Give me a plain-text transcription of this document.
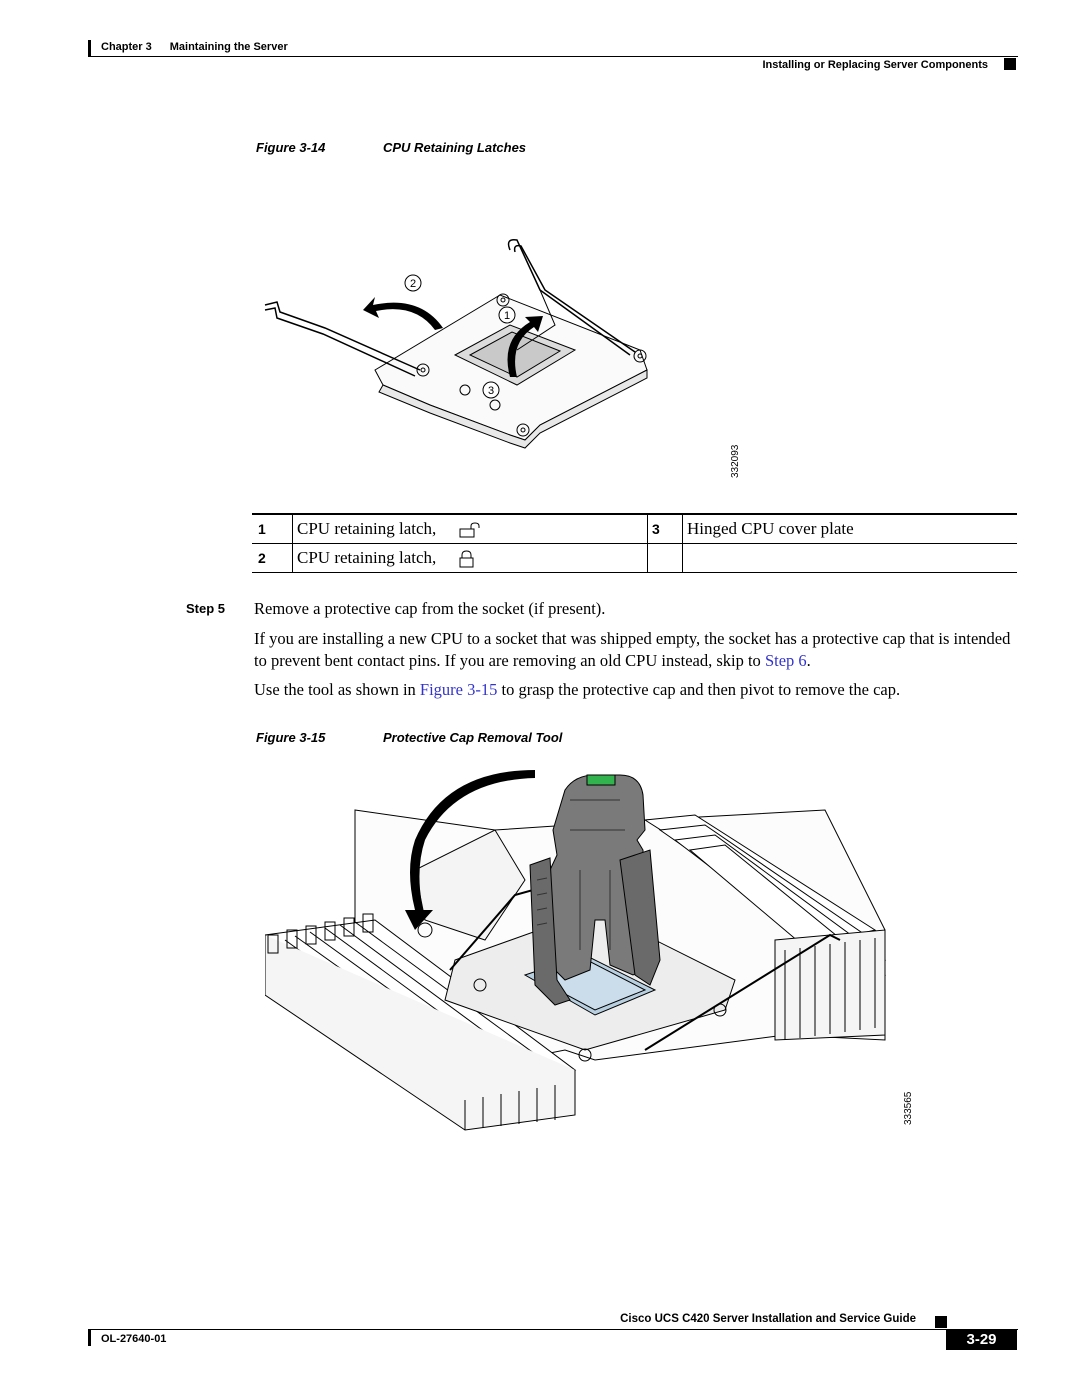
Chapter 3 Maintaining the Server
Installing or Replacing Server Components
Figure 3-14	CPU Retaining Latches
2
1
3
332093
1	CPU retaining latch,	3	Hinged CPU cover plate
2	CPU retaining latch,		
Step 5 Remove a protective cap from the socket (if present).
If you are installing a new CPU to a socket that was shipped empty, the socket has a protective cap that is intended to prevent bent contact pins. If you are removing an old CPU instead, skip to Step 6.
Use the tool as shown in Figure 3-15 to grasp the protective cap and then pivot to remove the cap.
Figure 3-15	Protective Cap Removal Tool
333565
Cisco UCS C420 Server Installation and Service Guide
OL-27640-01	3-29
